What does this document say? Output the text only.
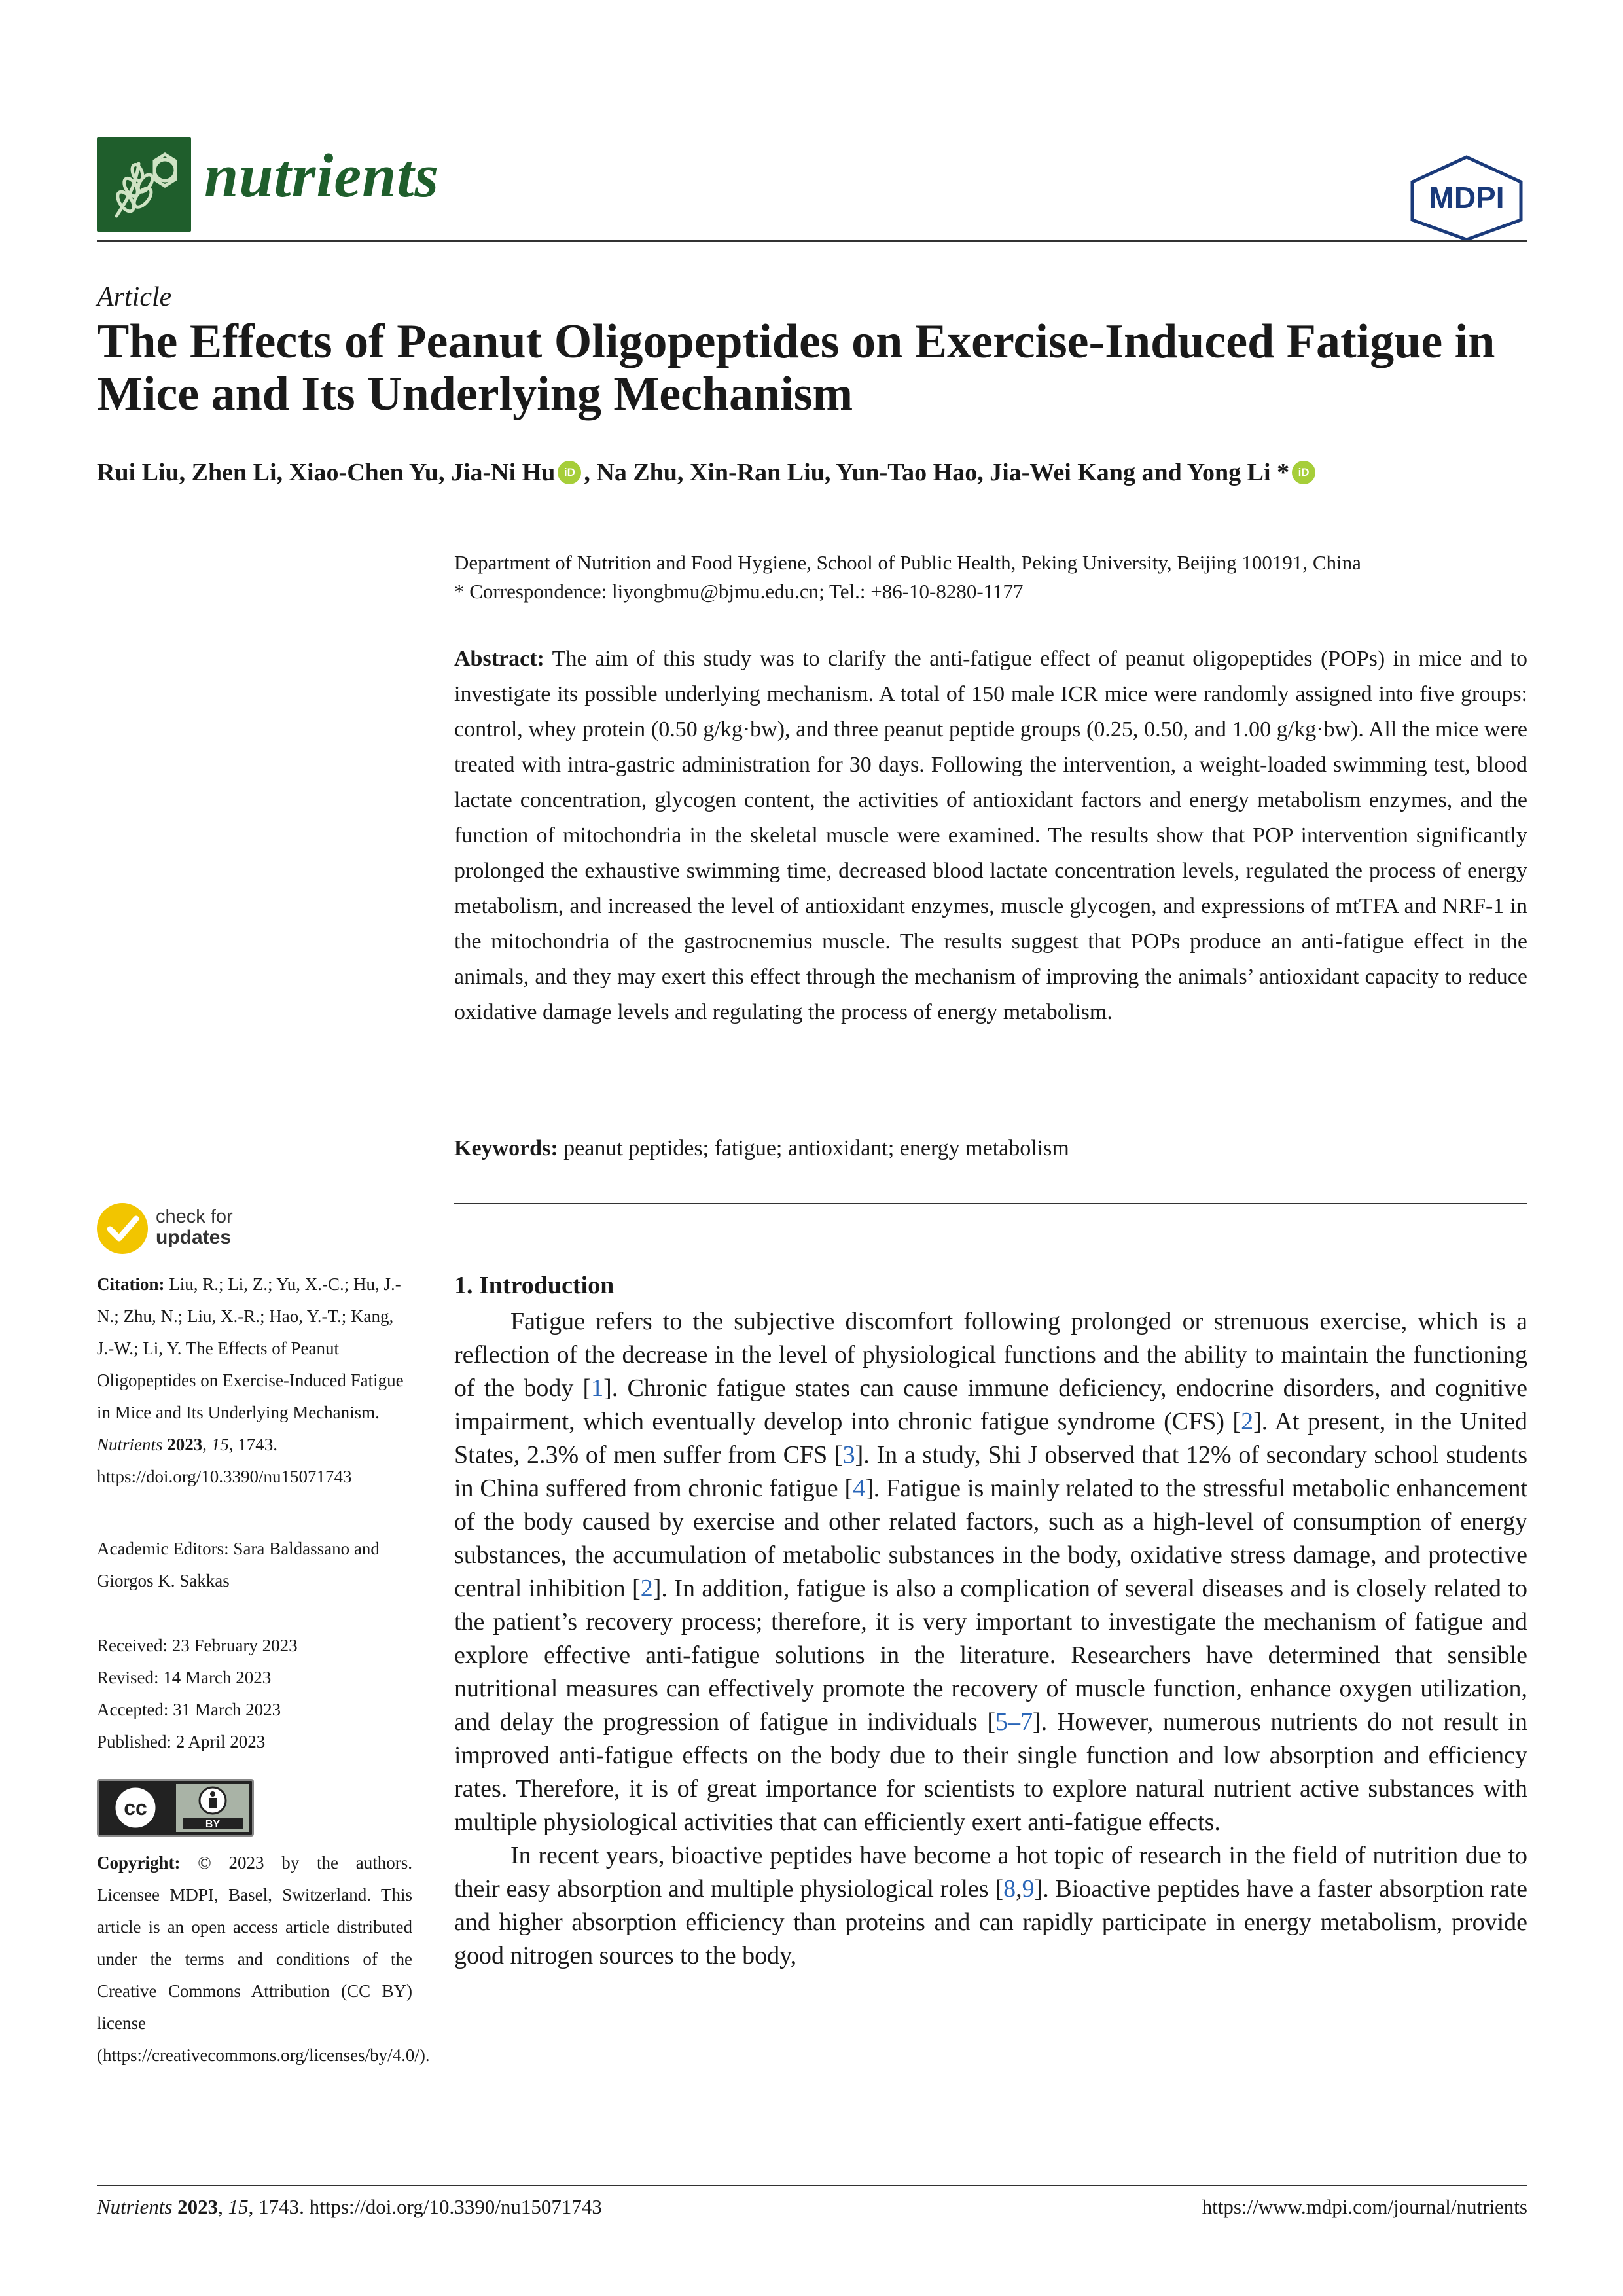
nutrients	MDPI
Article
The Effects of Peanut Oligopeptides on Exercise-Induced Fatigue in Mice and Its Underlying Mechanism
Rui Liu, Zhen Li, Xiao-Chen Yu, Jia-Ni Hu iD , Na Zhu, Xin-Ran Liu, Yun-Tao Hao, Jia-Wei Kang and Yong Li * iD
Department of Nutrition and Food Hygiene, School of Public Health, Peking University, Beijing 100191, China
* Correspondence: liyongbmu@bjmu.edu.cn; Tel.: +86-10-8280-1177
Abstract: The aim of this study was to clarify the anti-fatigue effect of peanut oligopeptides (POPs) in mice and to investigate its possible underlying mechanism. A total of 150 male ICR mice were randomly assigned into five groups: control, whey protein (0.50 g/kg·bw), and three peanut peptide groups (0.25, 0.50, and 1.00 g/kg·bw). All the mice were treated with intra-gastric administration for 30 days. Following the intervention, a weight-loaded swimming test, blood lactate concentration, glycogen content, the activities of antioxidant factors and energy metabolism enzymes, and the function of mitochondria in the skeletal muscle were examined. The results show that POP intervention significantly prolonged the exhaustive swimming time, decreased blood lactate concentration levels, regulated the process of energy metabolism, and increased the level of antioxidant enzymes, muscle glycogen, and expressions of mtTFA and NRF-1 in the mitochondria of the gastrocnemius muscle. The results suggest that POPs produce an anti-fatigue effect in the animals, and they may exert this effect through the mechanism of improving the animals’ antioxidant capacity to reduce oxidative damage levels and regulating the process of energy metabolism.
Keywords: peanut peptides; fatigue; antioxidant; energy metabolism
check for
updates
Citation: Liu, R.; Li, Z.; Yu, X.-C.; Hu, J.-N.; Zhu, N.; Liu, X.-R.; Hao, Y.-T.; Kang, J.-W.; Li, Y. The Effects of Peanut Oligopeptides on Exercise-Induced Fatigue in Mice and Its Underlying Mechanism. Nutrients 2023, 15, 1743. https://doi.org/10.3390/nu15071743
Academic Editors: Sara Baldassano and Giorgos K. Sakkas
Received: 23 February 2023
Revised: 14 March 2023
Accepted: 31 March 2023
Published: 2 April 2023
cc
BY
Copyright: © 2023 by the authors. Licensee MDPI, Basel, Switzerland. This article is an open access article distributed under the terms and conditions of the Creative Commons Attribution (CC BY) license (https://creativecommons.org/licenses/by/4.0/).
1. Introduction

Fatigue refers to the subjective discomfort following prolonged or strenuous exercise, which is a reflection of the decrease in the level of physiological functions and the ability to maintain the functioning of the body [1]. Chronic fatigue states can cause immune deficiency, endocrine disorders, and cognitive impairment, which eventually develop into chronic fatigue syndrome (CFS) [2]. At present, in the United States, 2.3% of men suffer from CFS [3]. In a study, Shi J observed that 12% of secondary school students in China suffered from chronic fatigue [4]. Fatigue is mainly related to the stressful metabolic enhancement of the body caused by exercise and other related factors, such as a high-level of consumption of energy substances, the accumulation of metabolic substances in the body, oxidative stress damage, and protective central inhibition [2]. In addition, fatigue is also a complication of several diseases and is closely related to the patient’s recovery process; therefore, it is very important to investigate the mechanism of fatigue and explore effective anti-fatigue solutions in the literature. Researchers have determined that sensible nutritional measures can effectively promote the recovery of muscle function, enhance oxygen utilization, and delay the progression of fatigue in individuals [5–7]. However, numerous nutrients do not result in improved anti-fatigue effects on the body due to their single function and low absorption and efficiency rates. Therefore, it is of great importance for scientists to explore natural nutrient active substances with multiple physiological activities that can efficiently exert anti-fatigue effects.

In recent years, bioactive peptides have become a hot topic of research in the field of nutrition due to their easy absorption and multiple physiological roles [8,9]. Bioactive peptides have a faster absorption rate and higher absorption efficiency than proteins and can rapidly participate in energy metabolism, provide good nitrogen sources to the body,

Nutrients 2023, 15, 1743. https://doi.org/10.3390/nu15071743	https://www.mdpi.com/journal/nutrients
